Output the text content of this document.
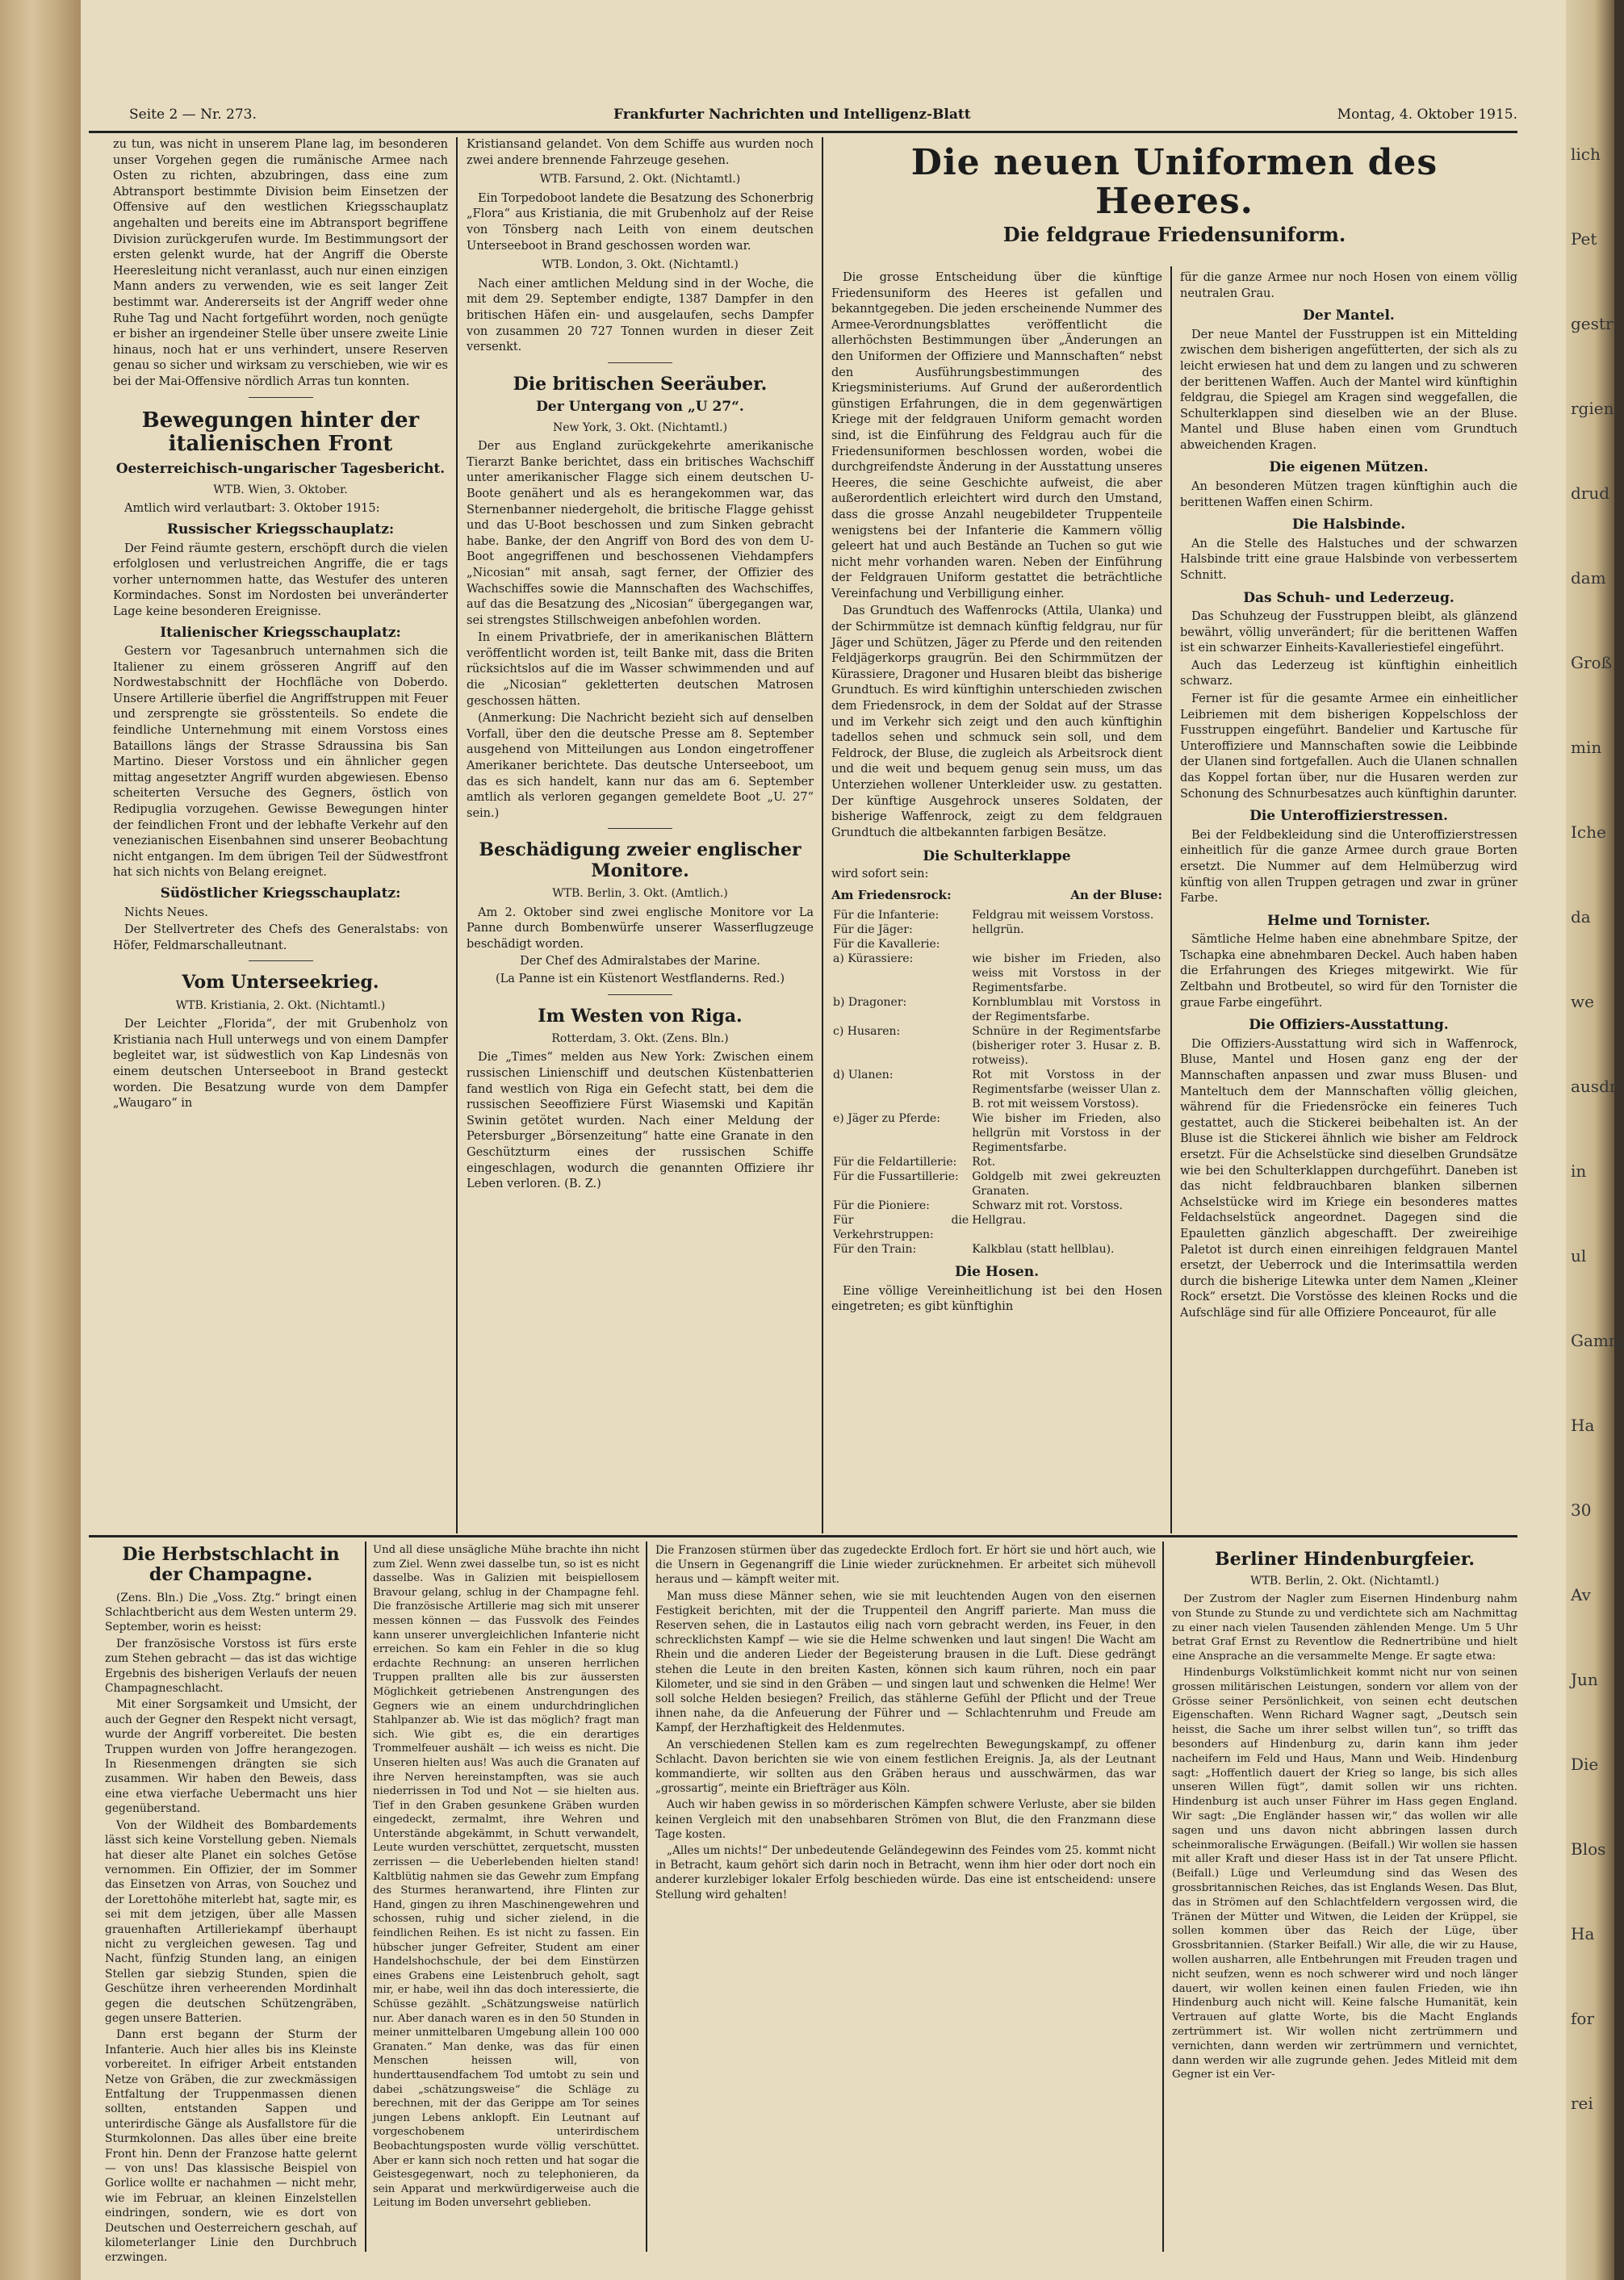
lich
Pet
gestr
rgien
drud
dam
Groß
min
Iche
da
we
ausdri
in
ul
Gamm
Ha
30
Av
Jun
Die
Blos
Ha
for
rei
Seite 2 — Nr. 273.	Frankfurter Nachrichten und Intelligenz-Blatt	Montag, 4. Oktober 1915.

zu tun, was nicht in unserem Plane lag, im besonderen unser Vorgehen gegen die rumänische Armee nach Osten zu richten, abzubringen, dass eine zum Abtransport bestimmte Division beim Einsetzen der Offensive auf den westlichen Kriegsschauplatz angehalten und bereits eine im Abtransport begriffene Division zurückgerufen wurde. Im Bestimmungsort der ersten gelenkt wurde, hat der Angriff die Oberste Heeresleitung nicht veranlasst, auch nur einen einzigen Mann anders zu verwenden, wie es seit langer Zeit bestimmt war. Andererseits ist der Angriff weder ohne Ruhe Tag und Nacht fortgeführt worden, noch genügte er bisher an irgendeiner Stelle über unsere zweite Linie hinaus, noch hat er uns verhindert, unsere Reserven genau so sicher und wirksam zu verschieben, wie wir es bei der Mai-Offensive nördlich Arras tun konnten.

Bewegungen hinter der italienischen Front
Oesterreichisch-ungarischer Tagesbericht.
WTB. Wien, 3. Oktober.

Amtlich wird verlautbart: 3. Oktober 1915:

Russischer Kriegsschauplatz:

Der Feind räumte gestern, erschöpft durch die vielen erfolglosen und verlustreichen Angriffe, die er tags vorher unternommen hatte, das Westufer des unteren Kormindaches. Sonst im Nordosten bei unveränderter Lage keine besonderen Ereignisse.

Italienischer Kriegsschauplatz:

Gestern vor Tagesanbruch unternahmen sich die Italiener zu einem grösseren Angriff auf den Nordwestabschnitt der Hochfläche von Doberdo. Unsere Artillerie überfiel die Angriffstruppen mit Feuer und zersprengte sie grösstenteils. So endete die feindliche Unternehmung mit einem Vorstoss eines Bataillons längs der Strasse Sdraussina bis San Martino. Dieser Vorstoss und ein ähnlicher gegen mittag angesetzter Angriff wurden abgewiesen. Ebenso scheiterten Versuche des Gegners, östlich von Redipuglia vorzugehen. Gewisse Bewegungen hinter der feindlichen Front und der lebhafte Verkehr auf den venezianischen Eisenbahnen sind unserer Beobachtung nicht entgangen. Im dem übrigen Teil der Südwestfront hat sich nichts von Belang ereignet.

Südöstlicher Kriegsschauplatz:

Nichts Neues.

Der Stellvertreter des Chefs des Generalstabs: von Höfer, Feldmarschalleutnant.

Vom Unterseekrieg.
WTB. Kristiania, 2. Okt. (Nichtamtl.)

Der Leichter „Florida“, der mit Grubenholz von Kristiania nach Hull unterwegs und von einem Dampfer begleitet war, ist südwestlich von Kap Lindesnäs von einem deutschen Unterseeboot in Brand gesteckt worden. Die Besatzung wurde von dem Dampfer „Waugaro“ in

Kristiansand gelandet. Von dem Schiffe aus wurden noch zwei andere brennende Fahrzeuge gesehen.

WTB. Farsund, 2. Okt. (Nichtamtl.)

Ein Torpedoboot landete die Besatzung des Schonerbrig „Flora“ aus Kristiania, die mit Grubenholz auf der Reise von Tönsberg nach Leith von einem deutschen Unterseeboot in Brand geschossen worden war.

WTB. London, 3. Okt. (Nichtamtl.)

Nach einer amtlichen Meldung sind in der Woche, die mit dem 29. September endigte, 1387 Dampfer in den britischen Häfen ein- und ausgelaufen, sechs Dampfer von zusammen 20 727 Tonnen wurden in dieser Zeit versenkt.

Die britischen Seeräuber.
Der Untergang von „U 27“.
New York, 3. Okt. (Nichtamtl.)

Der aus England zurückgekehrte amerikanische Tierarzt Banke berichtet, dass ein britisches Wachschiff unter amerikanischer Flagge sich einem deutschen U-Boote genähert und als es herangekommen war, das Sternenbanner niedergeholt, die britische Flagge gehisst und das U-Boot beschossen und zum Sinken gebracht habe. Banke, der den Angriff von Bord des von dem U-Boot angegriffenen und beschossenen Viehdampfers „Nicosian“ mit ansah, sagt ferner, der Offizier des Wachschiffes sowie die Mannschaften des Wachschiffes, auf das die Besatzung des „Nicosian“ übergegangen war, sei strengstes Stillschweigen anbefohlen worden.

In einem Privatbriefe, der in amerikanischen Blättern veröffentlicht worden ist, teilt Banke mit, dass die Briten rücksichtslos auf die im Wasser schwimmenden und auf die „Nicosian“ gekletterten deutschen Matrosen geschossen hätten.

(Anmerkung: Die Nachricht bezieht sich auf denselben Vorfall, über den die deutsche Presse am 8. September ausgehend von Mitteilungen aus London eingetroffener Amerikaner berichtete. Das deutsche Unterseeboot, um das es sich handelt, kann nur das am 6. September amtlich als verloren gegangen gemeldete Boot „U. 27“ sein.)

Beschädigung zweier englischer Monitore.
WTB. Berlin, 3. Okt. (Amtlich.)

Am 2. Oktober sind zwei englische Monitore vor La Panne durch Bombenwürfe unserer Wasserflugzeuge beschädigt worden.

Der Chef des Admiralstabes der Marine.

(La Panne ist ein Küstenort Westflanderns. Red.)

Im Westen von Riga.
Rotterdam, 3. Okt. (Zens. Bln.)

Die „Times“ melden aus New York: Zwischen einem russischen Linienschiff und deutschen Küstenbatterien fand westlich von Riga ein Gefecht statt, bei dem die russischen Seeoffiziere Fürst Wiasemski und Kapitän Swinin getötet wurden. Nach einer Meldung der Petersburger „Börsenzeitung“ hatte eine Granate in den Geschützturm eines der russischen Schiffe eingeschlagen, wodurch die genannten Offiziere ihr Leben verloren. (B. Z.)

Die neuen Uniformen des Heeres.
Die feldgraue Friedensuniform.

Die grosse Entscheidung über die künftige Friedensuniform des Heeres ist gefallen und bekanntgegeben. Die jeden erscheinende Nummer des Armee-Verordnungsblattes veröffentlicht die allerhöchsten Bestimmungen über „Änderungen an den Uniformen der Offiziere und Mannschaften“ nebst den Ausführungsbestimmungen des Kriegsministeriums. Auf Grund der außerordentlich günstigen Erfahrungen, die in dem gegenwärtigen Kriege mit der feldgrauen Uniform gemacht worden sind, ist die Einführung des Feldgrau auch für die Friedensuniformen beschlossen worden, wobei die durchgreifendste Änderung in der Ausstattung unseres Heeres, die seine Geschichte aufweist, die aber außerordentlich erleichtert wird durch den Umstand, dass die grosse Anzahl neugebildeter Truppenteile wenigstens bei der Infanterie die Kammern völlig geleert hat und auch Bestände an Tuchen so gut wie nicht mehr vorhanden waren. Neben der Einführung der Feldgrauen Uniform gestattet die beträchtliche Vereinfachung und Verbilligung einher.

Das Grundtuch des Waffenrocks (Attila, Ulanka) und der Schirmmütze ist demnach künftig feldgrau, nur für Jäger und Schützen, Jäger zu Pferde und den reitenden Feldjägerkorps graugrün. Bei den Schirmmützen der Kürassiere, Dragoner und Husaren bleibt das bisherige Grundtuch. Es wird künftighin unterschieden zwischen dem Friedensrock, in dem der Soldat auf der Strasse und im Verkehr sich zeigt und den auch künftighin tadellos sehen und schmuck sein soll, und dem Feldrock, der Bluse, die zugleich als Arbeitsrock dient und die weit und bequem genug sein muss, um das Unterziehen wollener Unterkleider usw. zu gestatten. Der künftige Ausgehrock unseres Soldaten, der bisherige Waffenrock, zeigt zu dem feldgrauen Grundtuch die altbekannten farbigen Besätze.

Die Schulterklappe

wird sofort sein:

Am Friedensrock:	An der Bluse:
Für die Infanterie:	Feldgrau mit weissem Vorstoss.
Für die Jäger:	hellgrün.
Für die Kavallerie:	
a) Kürassiere:	wie bisher im Frieden, also weiss mit Vorstoss in der Regimentsfarbe.
b) Dragoner:	Kornblumblau mit Vorstoss in der Regimentsfarbe.
c) Husaren:	Schnüre in der Regimentsfarbe (bisheriger roter 3. Husar z. B. rotweiss).
d) Ulanen:	Rot mit Vorstoss in der Regimentsfarbe (weisser Ulan z. B. rot mit weissem Vorstoss).
e) Jäger zu Pferde:	Wie bisher im Frieden, also hellgrün mit Vorstoss in der Regimentsfarbe.
Für die Feldartillerie:	Rot.
Für die Fussartillerie:	Goldgelb mit zwei gekreuzten Granaten.
Für die Pioniere:	Schwarz mit rot. Vorstoss.
Für die Verkehrstruppen:	Hellgrau.
Für den Train:	Kalkblau (statt hellblau).
Die Hosen.

Eine völlige Vereinheitlichung ist bei den Hosen eingetreten; es gibt künftighin

für die ganze Armee nur noch Hosen von einem völlig neutralen Grau.

Der Mantel.

Der neue Mantel der Fusstruppen ist ein Mittelding zwischen dem bisherigen angefütterten, der sich als zu leicht erwiesen hat und dem zu langen und zu schweren der berittenen Waffen. Auch der Mantel wird künftighin feldgrau, die Spiegel am Kragen sind weggefallen, die Schulterklappen sind dieselben wie an der Bluse. Mantel und Bluse haben einen vom Grundtuch abweichenden Kragen.

Die eigenen Mützen.

An besonderen Mützen tragen künftighin auch die berittenen Waffen einen Schirm.

Die Halsbinde.

An die Stelle des Halstuches und der schwarzen Halsbinde tritt eine graue Halsbinde von verbessertem Schnitt.

Das Schuh- und Lederzeug.

Das Schuhzeug der Fusstruppen bleibt, als glänzend bewährt, völlig unverändert; für die berittenen Waffen ist ein schwarzer Einheits-Kavalleriestiefel eingeführt.

Auch das Lederzeug ist künftighin einheitlich schwarz.

Ferner ist für die gesamte Armee ein einheitlicher Leibriemen mit dem bisherigen Koppelschloss der Fusstruppen eingeführt. Bandelier und Kartusche für Unteroffiziere und Mannschaften sowie die Leibbinde der Ulanen sind fortgefallen. Auch die Ulanen schnallen das Koppel fortan über, nur die Husaren werden zur Schonung des Schnurbesatzes auch künftighin darunter.

Die Unteroffizierstressen.

Bei der Feldbekleidung sind die Unteroffizierstressen einheitlich für die ganze Armee durch graue Borten ersetzt. Die Nummer auf dem Helmüberzug wird künftig von allen Truppen getragen und zwar in grüner Farbe.

Helme und Tornister.

Sämtliche Helme haben eine abnehmbare Spitze, der Tschapka eine abnehmbaren Deckel. Auch haben haben die Erfahrungen des Krieges mitgewirkt. Wie für Zeltbahn und Brotbeutel, so wird für den Tornister die graue Farbe eingeführt.

Die Offiziers-Ausstattung.

Die Offiziers-Ausstattung wird sich in Waffenrock, Bluse, Mantel und Hosen ganz eng der der Mannschaften anpassen und zwar muss Blusen- und Manteltuch dem der Mannschaften völlig gleichen, während für die Friedensröcke ein feineres Tuch gestattet, auch die Stickerei beibehalten ist. An der Bluse ist die Stickerei ähnlich wie bisher am Feldrock ersetzt. Für die Achselstücke sind dieselben Grundsätze wie bei den Schulterklappen durchgeführt. Daneben ist das nicht feldbrauchbaren blanken silbernen Achselstücke wird im Kriege ein besonderes mattes Feldachselstück angeordnet. Dagegen sind die Epauletten gänzlich abgeschafft. Der zweireihige Paletot ist durch einen einreihigen feldgrauen Mantel ersetzt, der Ueberrock und die Interimsattila werden durch die bisherige Litewka unter dem Namen „Kleiner Rock“ ersetzt. Die Vorstösse des kleinen Rocks und die Aufschläge sind für alle Offiziere Ponceaurot, für alle

Die Herbstschlacht in der Champagne.

(Zens. Bln.) Die „Voss. Ztg.“ bringt einen Schlachtbericht aus dem Westen unterm 29. September, worin es heisst:

Der französische Vorstoss ist fürs erste zum Stehen gebracht — das ist das wichtige Ergebnis des bisherigen Verlaufs der neuen Champagneschlacht.

Mit einer Sorgsamkeit und Umsicht, der auch der Gegner den Respekt nicht versagt, wurde der Angriff vorbereitet. Die besten Truppen wurden von Joffre herangezogen. In Riesenmengen drängten sie sich zusammen. Wir haben den Beweis, dass eine etwa vierfache Uebermacht uns hier gegenüberstand.

Von der Wildheit des Bombardements lässt sich keine Vorstellung geben. Niemals hat dieser alte Planet ein solches Getöse vernommen. Ein Offizier, der im Sommer das Einsetzen von Arras, von Souchez und der Lorettohöhe miterlebt hat, sagte mir, es sei mit dem jetzigen, über alle Massen grauenhaften Artilleriekampf überhaupt nicht zu vergleichen gewesen. Tag und Nacht, fünfzig Stunden lang, an einigen Stellen gar siebzig Stunden, spien die Geschütze ihren verheerenden Mordinhalt gegen die deutschen Schützengräben, gegen unsere Batterien.

Dann erst begann der Sturm der Infanterie. Auch hier alles bis ins Kleinste vorbereitet. In eifriger Arbeit entstanden Netze von Gräben, die zur zweckmässigen Entfaltung der Truppenmassen dienen sollten, entstanden Sappen und unterirdische Gänge als Ausfallstore für die Sturmkolonnen. Das alles über eine breite Front hin. Denn der Franzose hatte gelernt — von uns! Das klassische Beispiel von Gorlice wollte er nachahmen — nicht mehr, wie im Februar, an kleinen Einzelstellen eindringen, sondern, wie es dort von Deutschen und Oesterreichern geschah, auf kilometerlanger Linie den Durchbruch erzwingen.

Und all diese unsägliche Mühe brachte ihn nicht zum Ziel. Wenn zwei dasselbe tun, so ist es nicht dasselbe. Was in Galizien mit beispiellosem Bravour gelang, schlug in der Champagne fehl. Die französische Artillerie mag sich mit unserer messen können — das Fussvolk des Feindes kann unserer unvergleichlichen Infanterie nicht erreichen. So kam ein Fehler in die so klug erdachte Rechnung: an unseren herrlichen Truppen prallten alle bis zur äussersten Möglichkeit getriebenen Anstrengungen des Gegners wie an einem undurchdringlichen Stahlpanzer ab. Wie ist das möglich? fragt man sich. Wie gibt es, die ein derartiges Trommelfeuer aushält — ich weiss es nicht. Die Unseren hielten aus! Was auch die Granaten auf ihre Nerven hereinstampften, was sie auch niederrissen in Tod und Not — sie hielten aus. Tief in den Graben gesunkene Gräben wurden eingedeckt, zermalmt, ihre Wehren und Unterstände abgekämmt, in Schutt verwandelt, Leute wurden verschüttet, zerquetscht, mussten zerrissen — die Ueberlebenden hielten stand! Kaltblütig nahmen sie das Gewehr zum Empfang des Sturmes heranwartend, ihre Flinten zur Hand, gingen zu ihren Maschinengewehren und schossen, ruhig und sicher zielend, in die feindlichen Reihen. Es ist nicht zu fassen. Ein hübscher junger Gefreiter, Student am einer Handelshochschule, der bei dem Einstürzen eines Grabens eine Leistenbruch geholt, sagt mir, er habe, weil ihn das doch interessierte, die Schüsse gezählt. „Schätzungsweise natürlich nur. Aber danach waren es in den 50 Stunden in meiner unmittelbaren Umgebung allein 100 000 Granaten.“ Man denke, was das für einen Menschen heissen will, von hunderttausendfachem Tod umtobt zu sein und dabei „schätzungsweise“ die Schläge zu berechnen, mit der das Gerippe am Tor seines jungen Lebens anklopft. Ein Leutnant auf vorgeschobenem unterirdischem Beobachtungsposten wurde völlig verschüttet. Aber er kann sich noch retten und hat sogar die Geistesgegenwart, noch zu telephonieren, da sein Apparat und merkwürdigerweise auch die Leitung im Boden unversehrt geblieben.

Die Franzosen stürmen über das zugedeckte Erdloch fort. Er hört sie und hört auch, wie die Unsern in Gegenangriff die Linie wieder zurücknehmen. Er arbeitet sich mühevoll heraus und — kämpft weiter mit.

Man muss diese Männer sehen, wie sie mit leuchtenden Augen von den eisernen Festigkeit berichten, mit der die Truppenteil den Angriff parierte. Man muss die Reserven sehen, die in Lastautos eilig nach vorn gebracht werden, ins Feuer, in den schrecklichsten Kampf — wie sie die Helme schwenken und laut singen! Die Wacht am Rhein und die anderen Lieder der Begeisterung brausen in die Luft. Diese gedrängt stehen die Leute in den breiten Kasten, können sich kaum rühren, noch ein paar Kilometer, und sie sind in den Gräben — und singen laut und schwenken die Helme! Wer soll solche Helden besiegen? Freilich, das stählerne Gefühl der Pflicht und der Treue ihnen nahe, da die Anfeuerung der Führer und — Schlachtenruhm und Freude am Kampf, der Herzhaftigkeit des Heldenmutes.

An verschiedenen Stellen kam es zum regelrechten Bewegungskampf, zu offener Schlacht. Davon berichten sie wie von einem festlichen Ereignis. Ja, als der Leutnant kommandierte, wir sollten aus den Gräben heraus und ausschwärmen, das war „grossartig“, meinte ein Briefträger aus Köln.

Auch wir haben gewiss in so mörderischen Kämpfen schwere Verluste, aber sie bilden keinen Vergleich mit den unabsehbaren Strömen von Blut, die den Franzmann diese Tage kosten.

„Alles um nichts!“ Der unbedeutende Geländegewinn des Feindes vom 25. kommt nicht in Betracht, kaum gehört sich darin noch in Betracht, wenn ihm hier oder dort noch ein anderer kurzlebiger lokaler Erfolg beschieden würde. Das eine ist entscheidend: unsere Stellung wird gehalten!

Berliner Hindenburgfeier.
WTB. Berlin, 2. Okt. (Nichtamtl.)

Der Zustrom der Nagler zum Eisernen Hindenburg nahm von Stunde zu Stunde zu und verdichtete sich am Nachmittag zu einer nach vielen Tausenden zählenden Menge. Um 5 Uhr betrat Graf Ernst zu Reventlow die Rednertribüne und hielt eine Ansprache an die versammelte Menge. Er sagte etwa:

Hindenburgs Volkstümlichkeit kommt nicht nur von seinen grossen militärischen Leistungen, sondern vor allem von der Grösse seiner Persönlichkeit, von seinen echt deutschen Eigenschaften. Wenn Richard Wagner sagt, „Deutsch sein heisst, die Sache um ihrer selbst willen tun“, so trifft das besonders auf Hindenburg zu, darin kann ihm jeder nacheifern im Feld und Haus, Mann und Weib. Hindenburg sagt: „Hoffentlich dauert der Krieg so lange, bis sich alles unseren Willen fügt“, damit sollen wir uns richten. Hindenburg ist auch unser Führer im Hass gegen England. Wir sagt: „Die Engländer hassen wir,“ das wollen wir alle sagen und uns davon nicht abbringen lassen durch scheinmoralische Erwägungen. (Beifall.) Wir wollen sie hassen mit aller Kraft und dieser Hass ist in der Tat unsere Pflicht. (Beifall.) Lüge und Verleumdung sind das Wesen des grossbritannischen Reiches, das ist Englands Wesen. Das Blut, das in Strömen auf den Schlachtfeldern vergossen wird, die Tränen der Mütter und Witwen, die Leiden der Krüppel, sie sollen kommen über das Reich der Lüge, über Grossbritannien. (Starker Beifall.) Wir alle, die wir zu Hause, wollen ausharren, alle Entbehrungen mit Freuden tragen und nicht seufzen, wenn es noch schwerer wird und noch länger dauert, wir wollen keinen einen faulen Frieden, wie ihn Hindenburg auch nicht will. Keine falsche Humanität, kein Vertrauen auf glatte Worte, bis die Macht Englands zertrümmert ist. Wir wollen nicht zertrümmern und vernichten, dann werden wir zertrümmern und vernichtet, dann werden wir alle zugrunde gehen. Jedes Mitleid mit dem Gegner ist ein Ver-
